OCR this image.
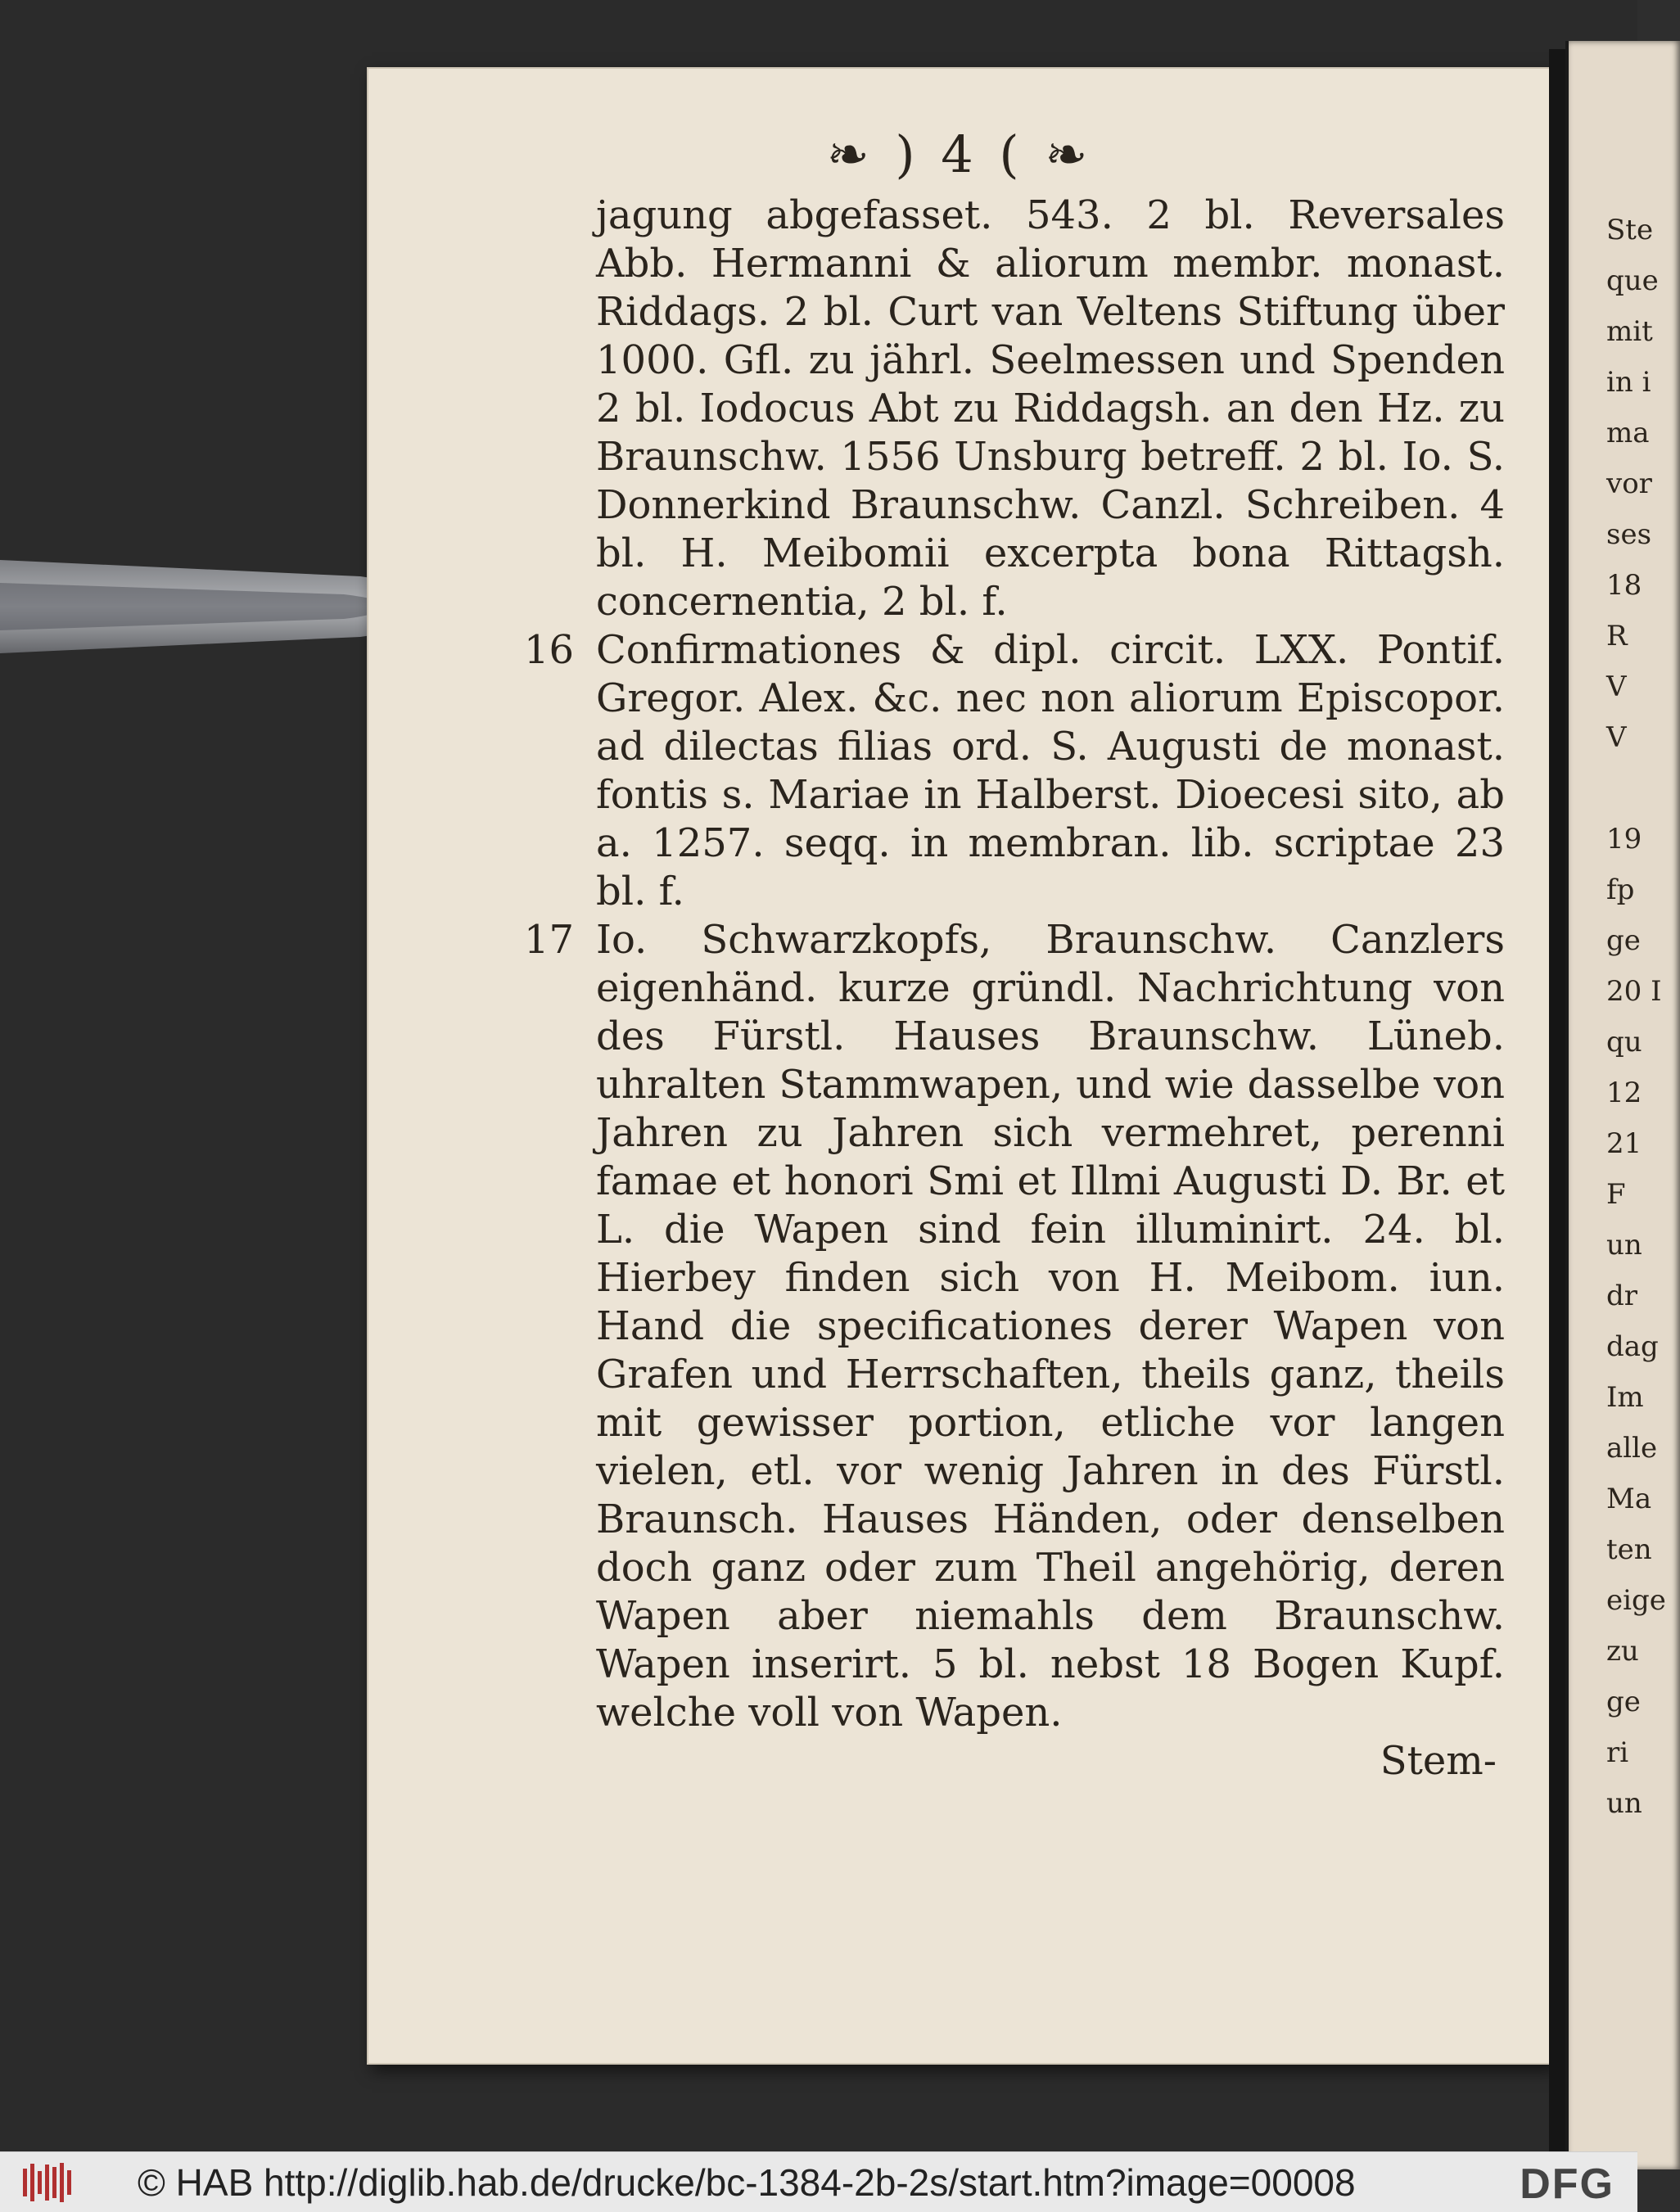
❧ ) 4 ( ❧

jagung abgefasset. 543. 2 bl. Reversales Abb. Hermanni & aliorum membr. monast. Riddags. 2 bl. Curt van Veltens Stiftung über 1000. Gfl. zu jährl. Seelmessen und Spenden 2 bl. Iodocus Abt zu Riddagsh. an den Hz. zu Braunschw. 1556 Unsburg betreff. 2 bl. Io. S. Donnerkind Braunschw. Canzl. Schreiben. 4 bl. H. Meibomii excerpta bona Rittagsh. concernentia, 2 bl. f.

16 Confirmationes & dipl. circit. LXX. Pontif. Gregor. Alex. &c. nec non aliorum Episcopor. ad dilectas filias ord. S. Augusti de monast. fontis s. Mariae in Halberst. Dioecesi sito, ab a. 1257. seqq. in membran. lib. scriptae 23 bl. f.

17 Io. Schwarzkopfs, Braunschw. Canzlers eigenhänd. kurze gründl. Nachrichtung von des Fürstl. Hauses Braunschw. Lüneb. uhralten Stammwapen, und wie dasselbe von Jahren zu Jahren sich vermehret, perenni famae et honori Smi et Illmi Augusti D. Br. et L. die Wapen sind fein illuminirt. 24. bl. Hierbey finden sich von H. Meibom. iun. Hand die specificationes derer Wapen von Grafen und Herrschaften, theils ganz, theils mit gewisser portion, etliche vor langen vielen, etl. vor wenig Jahren in des Fürstl. Braunsch. Hauses Händen, oder denselben doch ganz oder zum Theil angehörig, deren Wapen aber niemahls dem Braunschw. Wapen inserirt. 5 bl. nebst 18 Bogen Kupf. welche voll von Wapen.

Stem-
Ste
que
mit
in i
ma
vor
ses
18 R
V
V

19
fp
ge
20 I
qu
12
21
F
un
dr
dag
Im
alle
Ma
ten
eige
zu
ge
ri
un
© HAB http://diglib.hab.de/drucke/bc-1384-2b-2s/start.htm?image=00008	DFG
